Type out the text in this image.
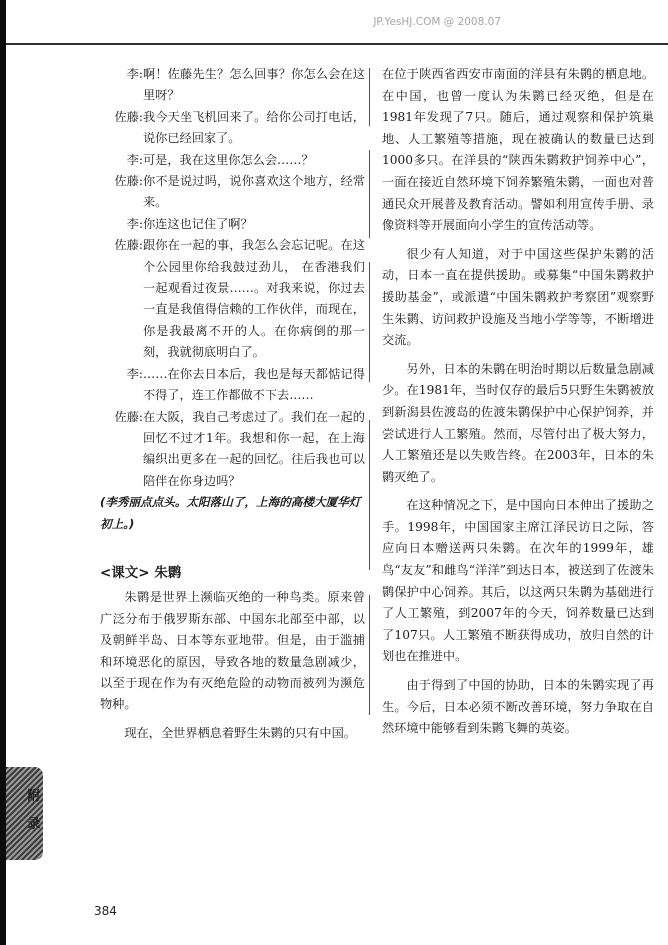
JP.YesHJ.COM @ 2008.07
李: 啊！佐藤先生？怎么回事？你怎么会在这里呀？
佐藤: 我今天坐飞机回来了。给你公司打电话，说你已经回家了。
李: 可是，我在这里你怎么会……？
佐藤: 你不是说过吗，说你喜欢这个地方，经常来。
李: 你连这也记住了啊？
佐藤: 跟你在一起的事，我怎么会忘记呢。在这个公园里你给我鼓过劲儿， 在香港我们一起观看过夜景……。对我来说，你过去一直是我值得信赖的工作伙伴，而现在，你是我最离不开的人。在你病倒的那一刻，我就彻底明白了。
李: ……在你去日本后，我也是每天都惦记得不得了，连工作都做不下去……
佐藤: 在大阪，我自己考虑过了。我们在一起的回忆不过才1年。我想和你一起，在上海编织出更多在一起的回忆。往后我也可以陪伴在你身边吗？
(李秀丽点点头。太阳落山了，上海的高楼大厦华灯初上。)
<课文> 朱鹮

朱鹮是世界上濒临灭绝的一种鸟类。原来曾广泛分布于俄罗斯东部、中国东北部至中部，以及朝鲜半岛、日本等东亚地带。但是，由于滥捕和环境恶化的原因，导致各地的数量急剧减少，以至于现在作为有灭绝危险的动物而被列为濒危物种。

现在，全世界栖息着野生朱鹮的只有中国。

在位于陕西省西安市南面的洋县有朱鹮的栖息地。在中国，也曾一度认为朱鹮已经灭绝，但是在1981年发现了7只。随后，通过观察和保护筑巢地、人工繁殖等措施，现在被确认的数量已达到1000多只。在洋县的“陕西朱鹮救护饲养中心”，一面在接近自然环境下饲养繁殖朱鹮，一面也对普通民众开展普及教育活动。譬如利用宣传手册、录像资料等开展面向小学生的宣传活动等。

很少有人知道，对于中国这些保护朱鹮的活动，日本一直在提供援助。或募集“中国朱鹮救护援助基金”，或派遣“中国朱鹮救护考察团”观察野生朱鹮、访问救护设施及当地小学等等，不断增进交流。

另外，日本的朱鹮在明治时期以后数量急剧减少。在1981年，当时仅存的最后5只野生朱鹮被放到新潟县佐渡岛的佐渡朱鹮保护中心保护饲养，并尝试进行人工繁殖。然而，尽管付出了极大努力，人工繁殖还是以失败告终。在2003年，日本的朱鹮灭绝了。

在这种情况之下，是中国向日本伸出了援助之手。1998年，中国国家主席江泽民访日之际，答应向日本赠送两只朱鹮。在次年的1999年，雄鸟“友友”和雌鸟“洋洋”到达日本，被送到了佐渡朱鹮保护中心饲养。其后，以这两只朱鹮为基础进行了人工繁殖，到2007年的今天，饲养数量已达到了107只。人工繁殖不断获得成功，放归自然的计划也在推进中。

由于得到了中国的协助，日本的朱鹮实现了再生。今后，日本必须不断改善环境，努力争取在自然环境中能够看到朱鹮飞舞的英姿。

附
录
384
